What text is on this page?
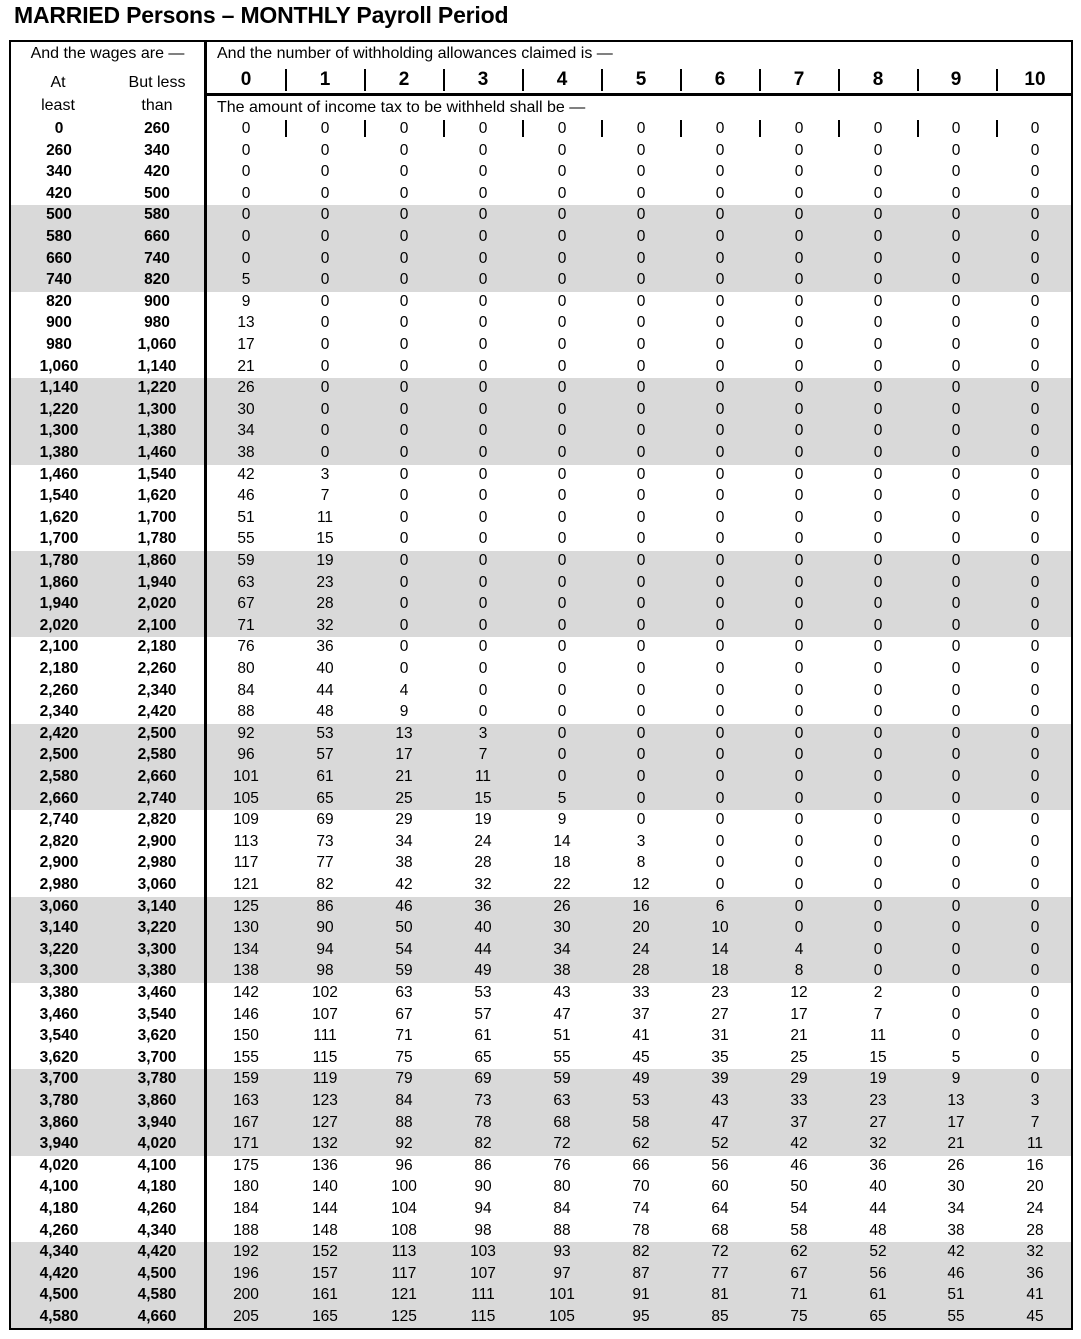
MARRIED Persons – MONTHLY Payroll Period
And the wages are —	And the number of withholding allowances claimed is —
At
least
But less
than	The amount of income tax to be withheld shall be —
0	1	2	3	4	5	6	7	8	9	10
0	260	0	0	0	0	0	0	0	0	0	0	0
260	340	0	0	0	0	0	0	0	0	0	0	0
340	420	0	0	0	0	0	0	0	0	0	0	0
420	500	0	0	0	0	0	0	0	0	0	0	0
500	580	0	0	0	0	0	0	0	0	0	0	0
580	660	0	0	0	0	0	0	0	0	0	0	0
660	740	0	0	0	0	0	0	0	0	0	0	0
740	820	5	0	0	0	0	0	0	0	0	0	0
820	900	9	0	0	0	0	0	0	0	0	0	0
900	980	13	0	0	0	0	0	0	0	0	0	0
980	1,060	17	0	0	0	0	0	0	0	0	0	0
1,060	1,140	21	0	0	0	0	0	0	0	0	0	0
1,140	1,220	26	0	0	0	0	0	0	0	0	0	0
1,220	1,300	30	0	0	0	0	0	0	0	0	0	0
1,300	1,380	34	0	0	0	0	0	0	0	0	0	0
1,380	1,460	38	0	0	0	0	0	0	0	0	0	0
1,460	1,540	42	3	0	0	0	0	0	0	0	0	0
1,540	1,620	46	7	0	0	0	0	0	0	0	0	0
1,620	1,700	51	11	0	0	0	0	0	0	0	0	0
1,700	1,780	55	15	0	0	0	0	0	0	0	0	0
1,780	1,860	59	19	0	0	0	0	0	0	0	0	0
1,860	1,940	63	23	0	0	0	0	0	0	0	0	0
1,940	2,020	67	28	0	0	0	0	0	0	0	0	0
2,020	2,100	71	32	0	0	0	0	0	0	0	0	0
2,100	2,180	76	36	0	0	0	0	0	0	0	0	0
2,180	2,260	80	40	0	0	0	0	0	0	0	0	0
2,260	2,340	84	44	4	0	0	0	0	0	0	0	0
2,340	2,420	88	48	9	0	0	0	0	0	0	0	0
2,420	2,500	92	53	13	3	0	0	0	0	0	0	0
2,500	2,580	96	57	17	7	0	0	0	0	0	0	0
2,580	2,660	101	61	21	11	0	0	0	0	0	0	0
2,660	2,740	105	65	25	15	5	0	0	0	0	0	0
2,740	2,820	109	69	29	19	9	0	0	0	0	0	0
2,820	2,900	113	73	34	24	14	3	0	0	0	0	0
2,900	2,980	117	77	38	28	18	8	0	0	0	0	0
2,980	3,060	121	82	42	32	22	12	0	0	0	0	0
3,060	3,140	125	86	46	36	26	16	6	0	0	0	0
3,140	3,220	130	90	50	40	30	20	10	0	0	0	0
3,220	3,300	134	94	54	44	34	24	14	4	0	0	0
3,300	3,380	138	98	59	49	38	28	18	8	0	0	0
3,380	3,460	142	102	63	53	43	33	23	12	2	0	0
3,460	3,540	146	107	67	57	47	37	27	17	7	0	0
3,540	3,620	150	111	71	61	51	41	31	21	11	0	0
3,620	3,700	155	115	75	65	55	45	35	25	15	5	0
3,700	3,780	159	119	79	69	59	49	39	29	19	9	0
3,780	3,860	163	123	84	73	63	53	43	33	23	13	3
3,860	3,940	167	127	88	78	68	58	47	37	27	17	7
3,940	4,020	171	132	92	82	72	62	52	42	32	21	11
4,020	4,100	175	136	96	86	76	66	56	46	36	26	16
4,100	4,180	180	140	100	90	80	70	60	50	40	30	20
4,180	4,260	184	144	104	94	84	74	64	54	44	34	24
4,260	4,340	188	148	108	98	88	78	68	58	48	38	28
4,340	4,420	192	152	113	103	93	82	72	62	52	42	32
4,420	4,500	196	157	117	107	97	87	77	67	56	46	36
4,500	4,580	200	161	121	111	101	91	81	71	61	51	41
4,580	4,660	205	165	125	115	105	95	85	75	65	55	45
